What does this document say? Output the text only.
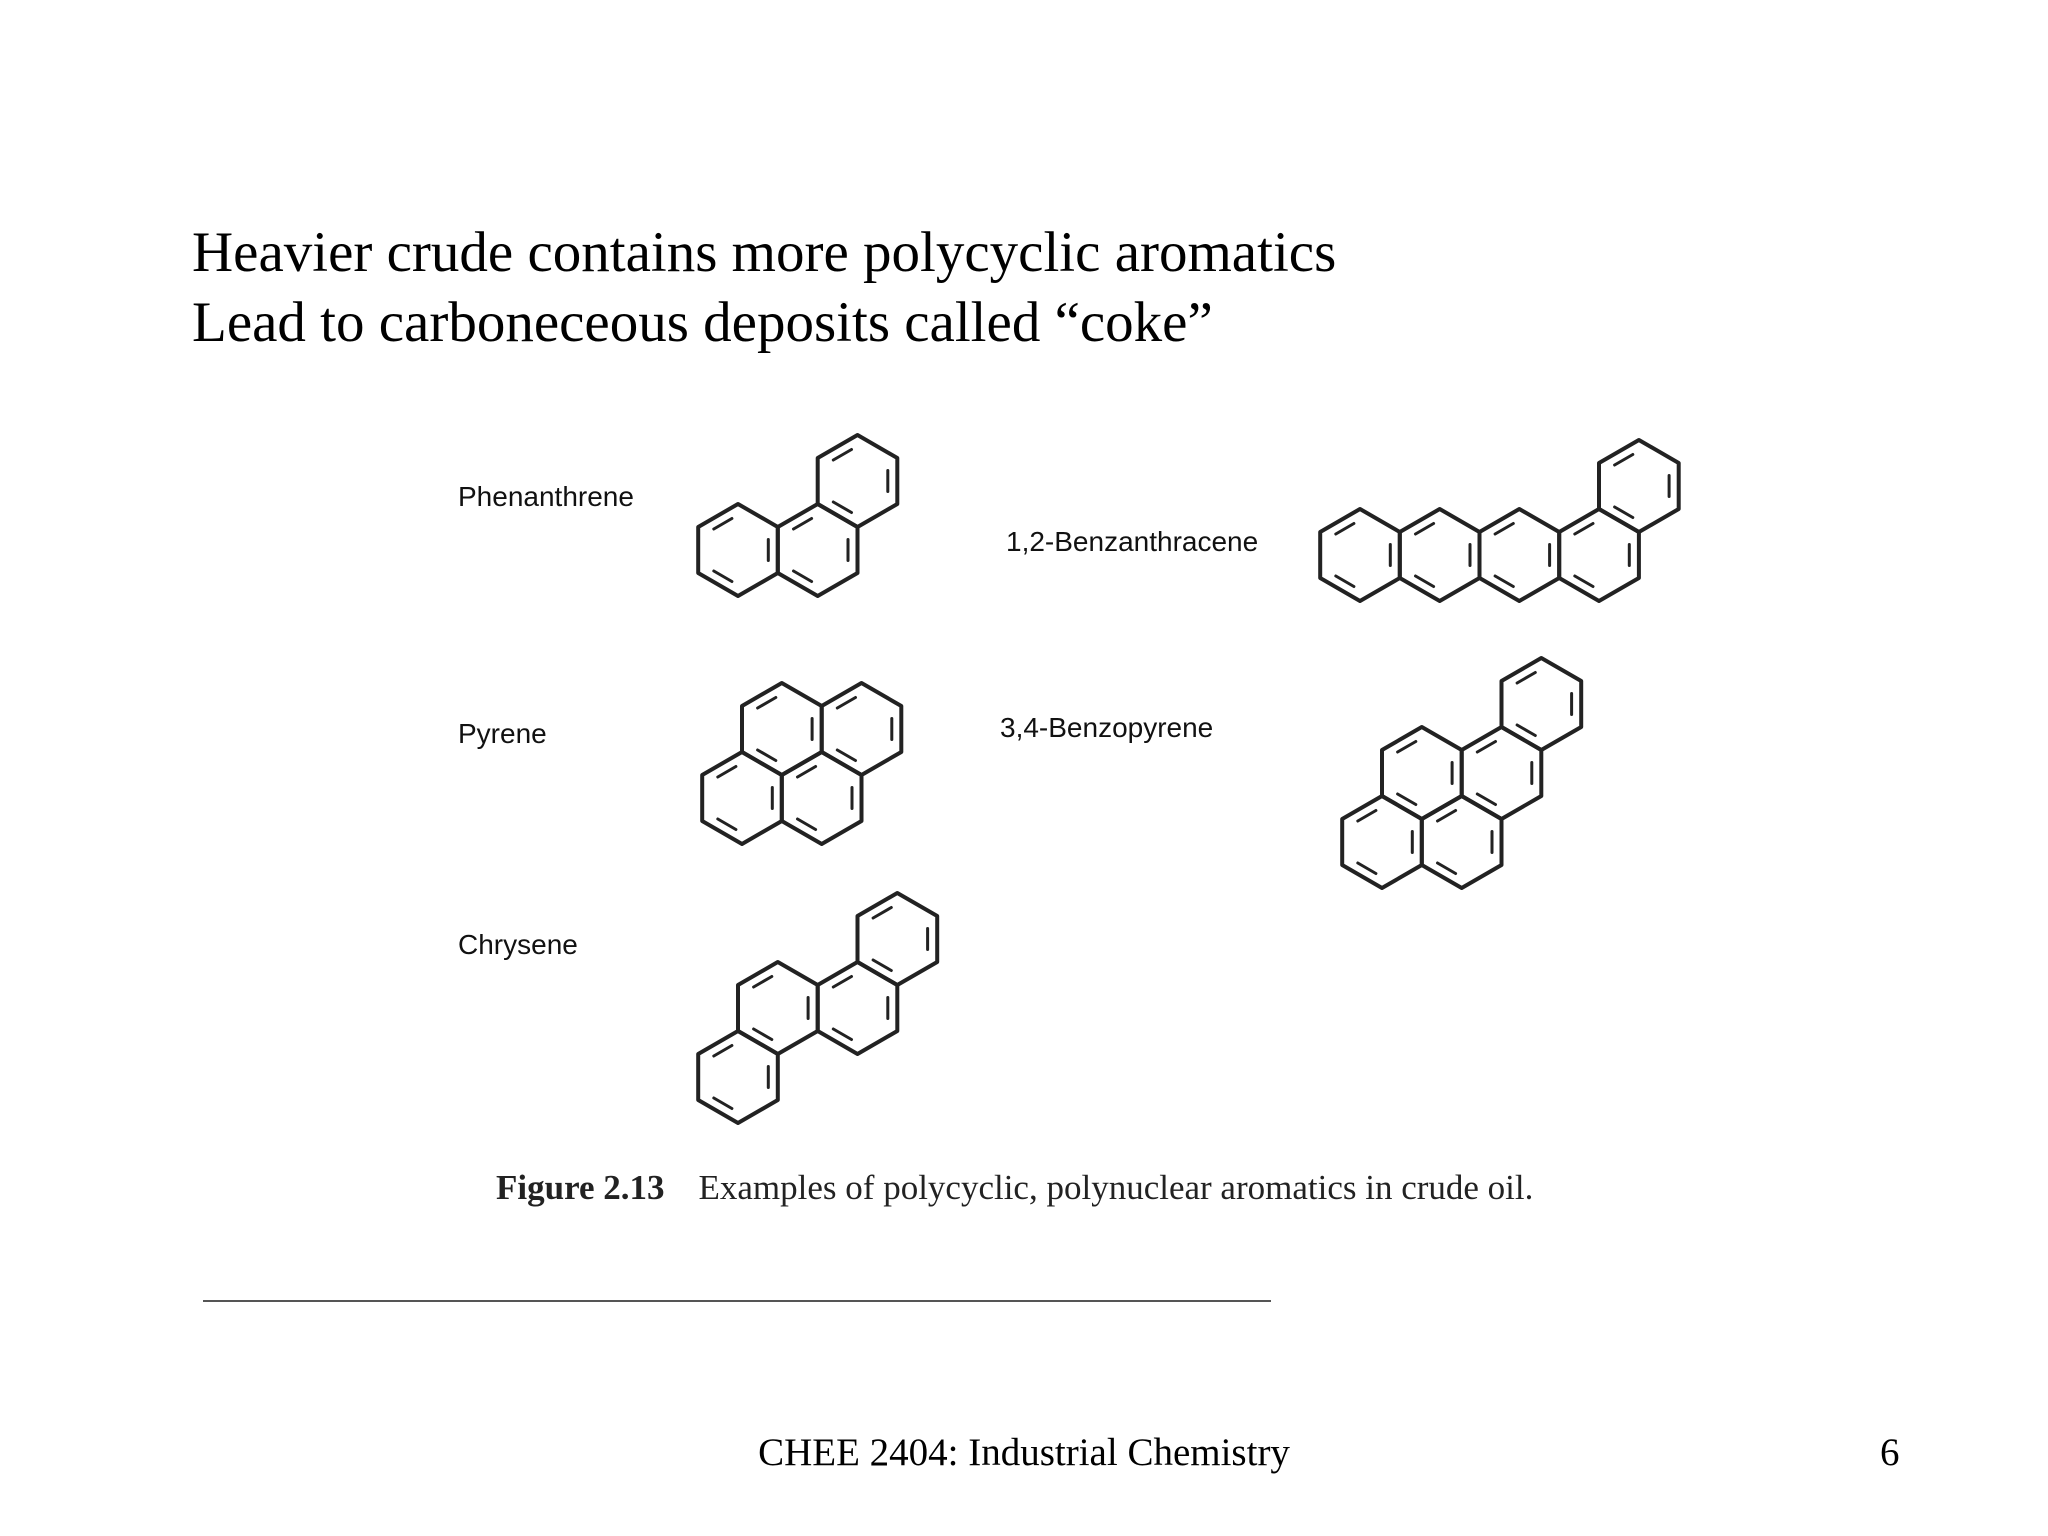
Heavier crude contains more polycyclic aromatics
Lead to carboneceous deposits called “coke”
Phenanthrene
Pyrene
Chrysene
1,2-Benzanthracene
3,4-Benzopyrene
Figure 2.13 Examples of polycyclic, polynuclear aromatics in crude oil.
CHEE 2404: Industrial Chemistry	6
